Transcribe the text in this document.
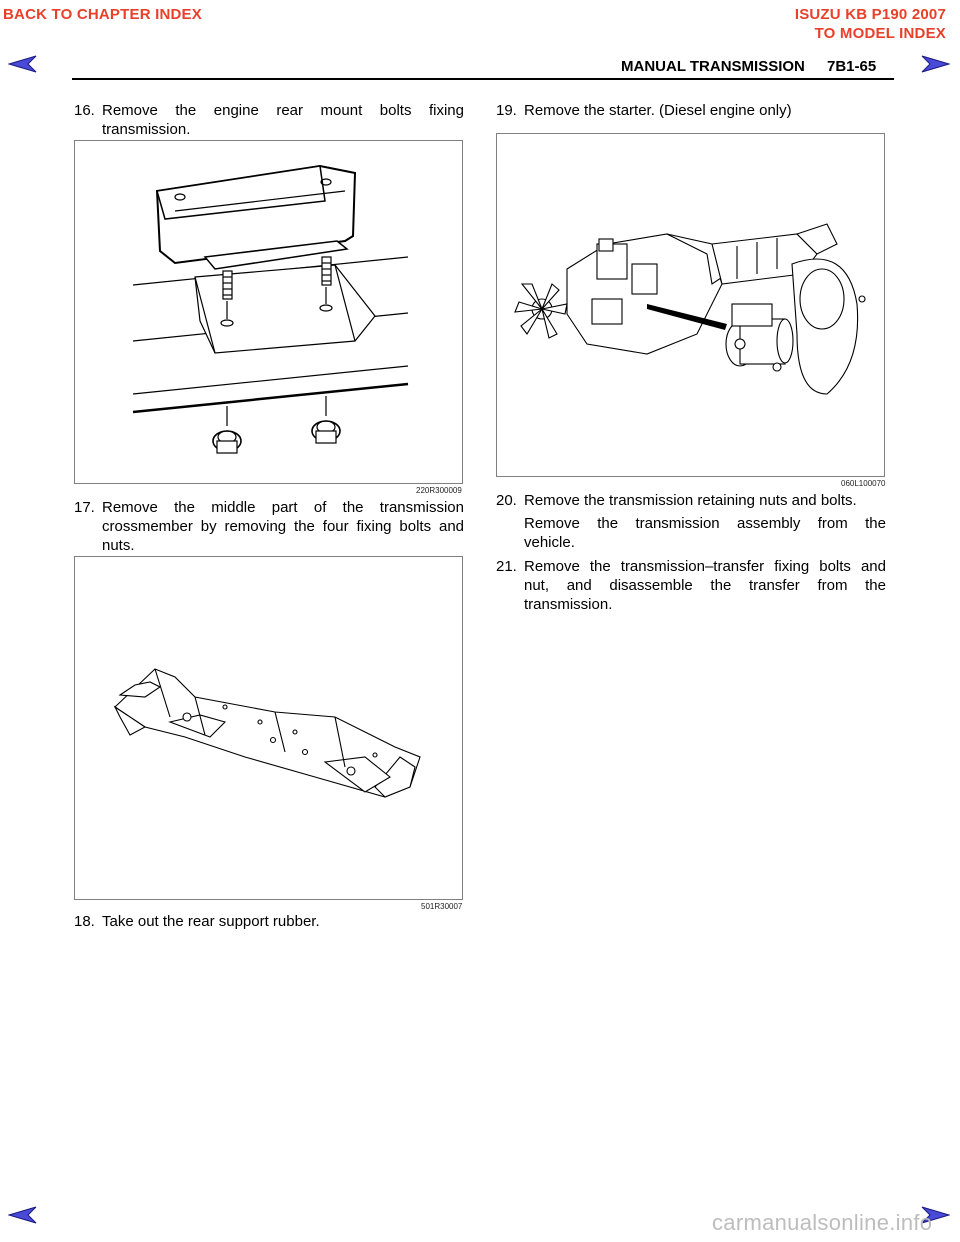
BACK TO CHAPTER INDEX	ISUZU KB P190 2007
TO MODEL INDEX
MANUAL TRANSMISSION 7B1-65
16. Remove the engine rear mount bolts fixing
transmission.
220R300009
17. Remove the middle part of the transmission
crossmember by removing the four fixing bolts and
nuts.
501R30007
18. Take out the rear support rubber.
19. Remove the starter. (Diesel engine only)
060L100070
20. Remove the transmission retaining nuts and bolts.
Remove the transmission assembly from the
vehicle.
21. Remove the transmission–transfer fixing bolts and
nut, and disassemble the transfer from the
transmission.
carmanualsonline.info
